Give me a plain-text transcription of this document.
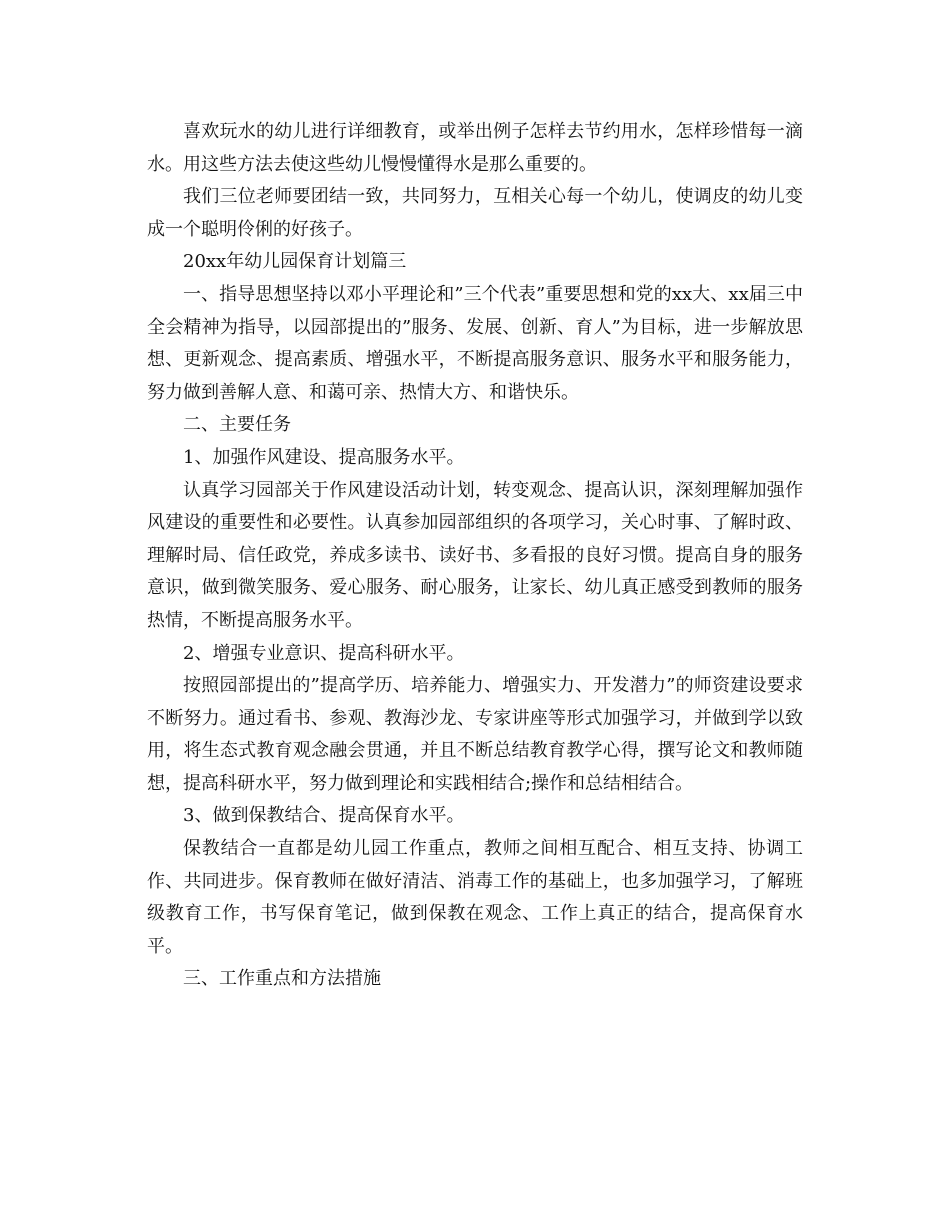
喜欢玩水的幼儿进行详细教育，或举出例子怎样去节约用水，怎样珍惜每一滴水。用这些方法去使这些幼儿慢慢懂得水是那么重要的。

我们三位老师要团结一致，共同努力，互相关心每一个幼儿，使调皮的幼儿变成一个聪明伶俐的好孩子。

20xx年幼儿园保育计划篇三

一、指导思想坚持以邓小平理论和”三个代表”重要思想和党的xx大、xx届三中全会精神为指导，以园部提出的”服务、发展、创新、育人”为目标，进一步解放思想、更新观念、提高素质、增强水平，不断提高服务意识、服务水平和服务能力，努力做到善解人意、和蔼可亲、热情大方、和谐快乐。

二、主要任务

1、加强作风建设、提高服务水平。

认真学习园部关于作风建设活动计划，转变观念、提高认识，深刻理解加强作风建设的重要性和必要性。认真参加园部组织的各项学习，关心时事、了解时政、理解时局、信任政党，养成多读书、读好书、多看报的良好习惯。提高自身的服务意识，做到微笑服务、爱心服务、耐心服务，让家长、幼儿真正感受到教师的服务热情，不断提高服务水平。

2、增强专业意识、提高科研水平。

按照园部提出的”提高学历、培养能力、增强实力、开发潜力”的师资建设要求不断努力。通过看书、参观、教海沙龙、专家讲座等形式加强学习，并做到学以致用，将生态式教育观念融会贯通，并且不断总结教育教学心得，撰写论文和教师随想，提高科研水平，努力做到理论和实践相结合;操作和总结相结合。

3、做到保教结合、提高保育水平。

保教结合一直都是幼儿园工作重点，教师之间相互配合、相互支持、协调工作、共同进步。保育教师在做好清洁、消毒工作的基础上，也多加强学习，了解班级教育工作，书写保育笔记，做到保教在观念、工作上真正的结合，提高保育水平。

三、工作重点和方法措施
